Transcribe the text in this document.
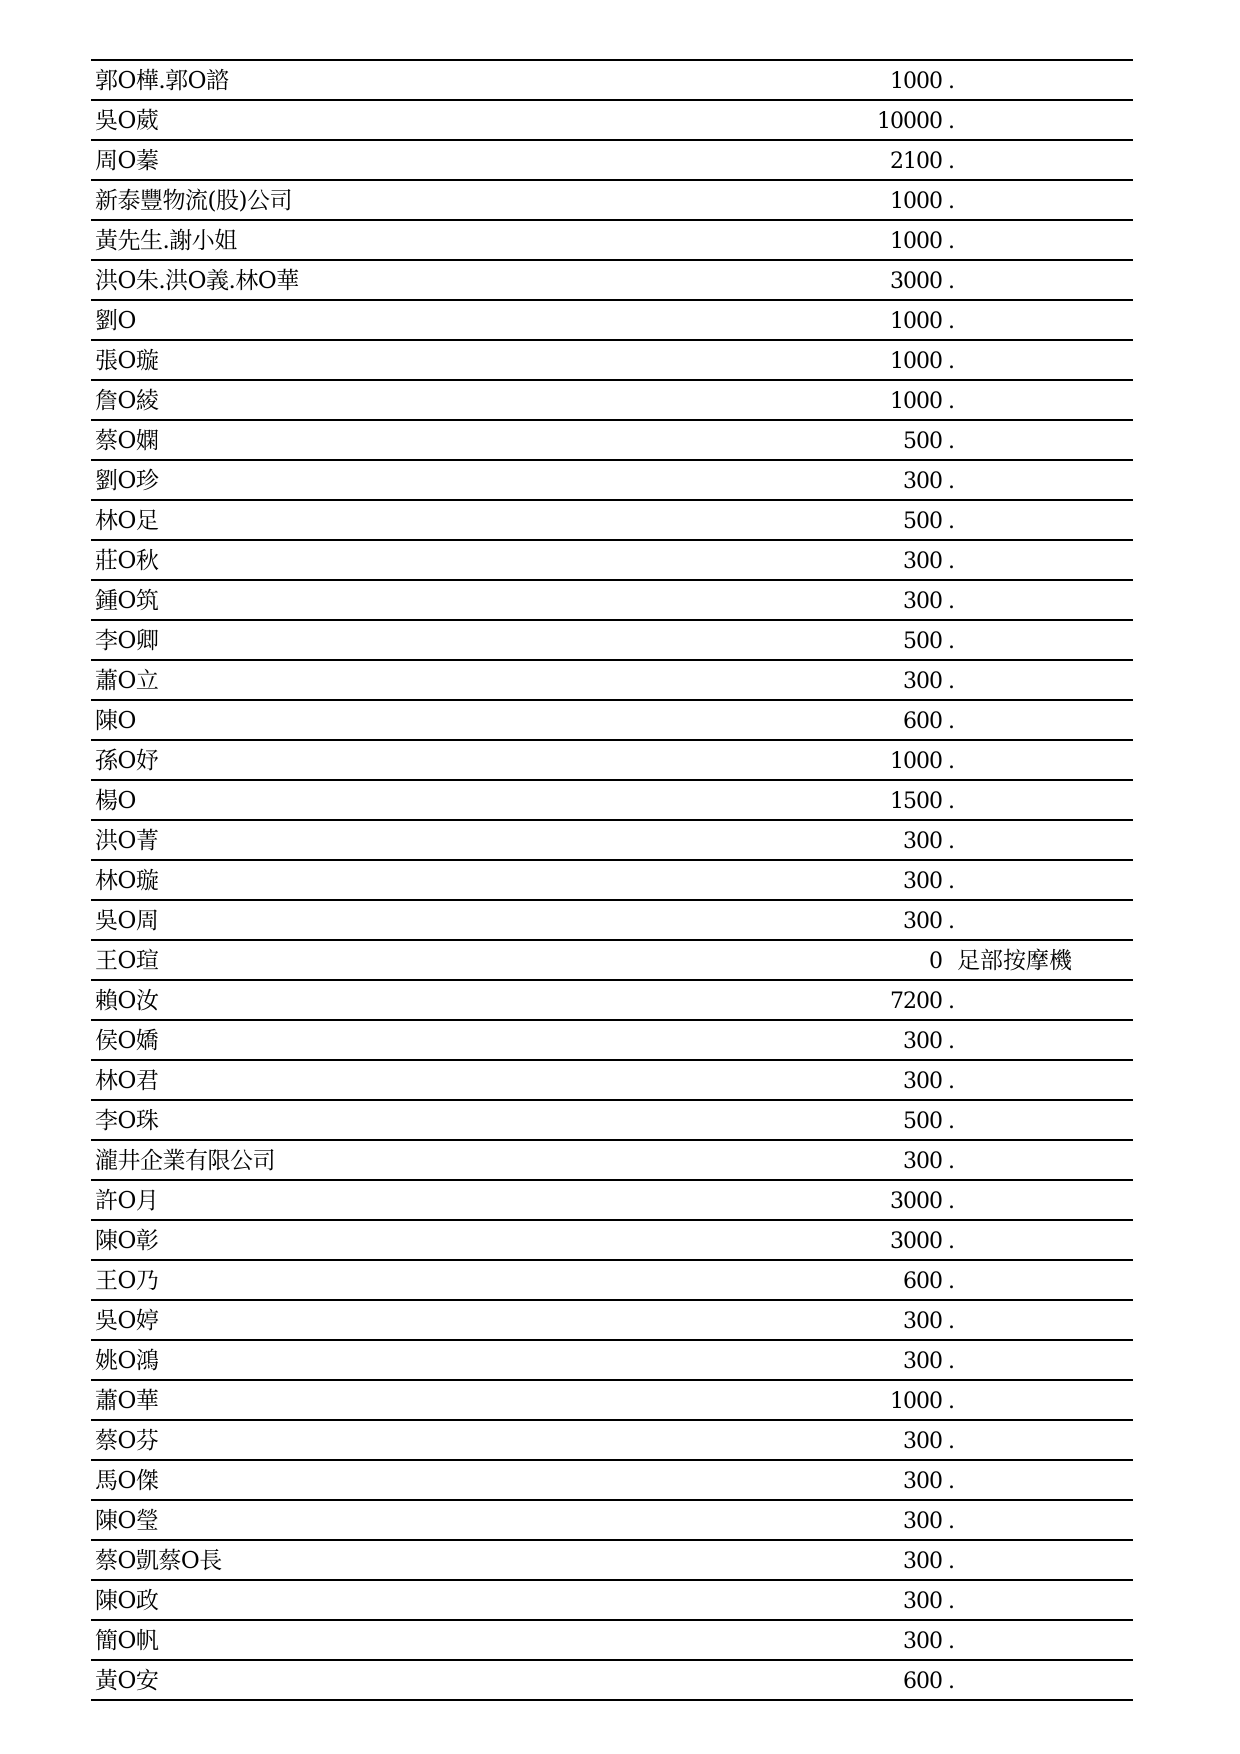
郭O樺.郭O諮	1000 .
吳O葳	10000 .
周O蓁	2100 .
新泰豐物流(股)公司	1000 .
黃先生.謝小姐	1000 .
洪O朱.洪O義.林O華	3000 .
劉O	1000 .
張O璇	1000 .
詹O綾	1000 .
蔡O嫻	500 .
劉O珍	300 .
林O足	500 .
莊O秋	300 .
鍾O筑	300 .
李O卿	500 .
蕭O立	300 .
陳O	600 .
孫O妤	1000 .
楊O	1500 .
洪O菁	300 .
林O璇	300 .
吳O周	300 .
王O瑄	0 足部按摩機
賴O汝	7200 .
侯O嬌	300 .
林O君	300 .
李O珠	500 .
瀧井企業有限公司	300 .
許O月	3000 .
陳O彰	3000 .
王O乃	600 .
吳O婷	300 .
姚O鴻	300 .
蕭O華	1000 .
蔡O芬	300 .
馬O傑	300 .
陳O瑩	300 .
蔡O凱蔡O長	300 .
陳O政	300 .
簡O帆	300 .
黃O安	600 .
